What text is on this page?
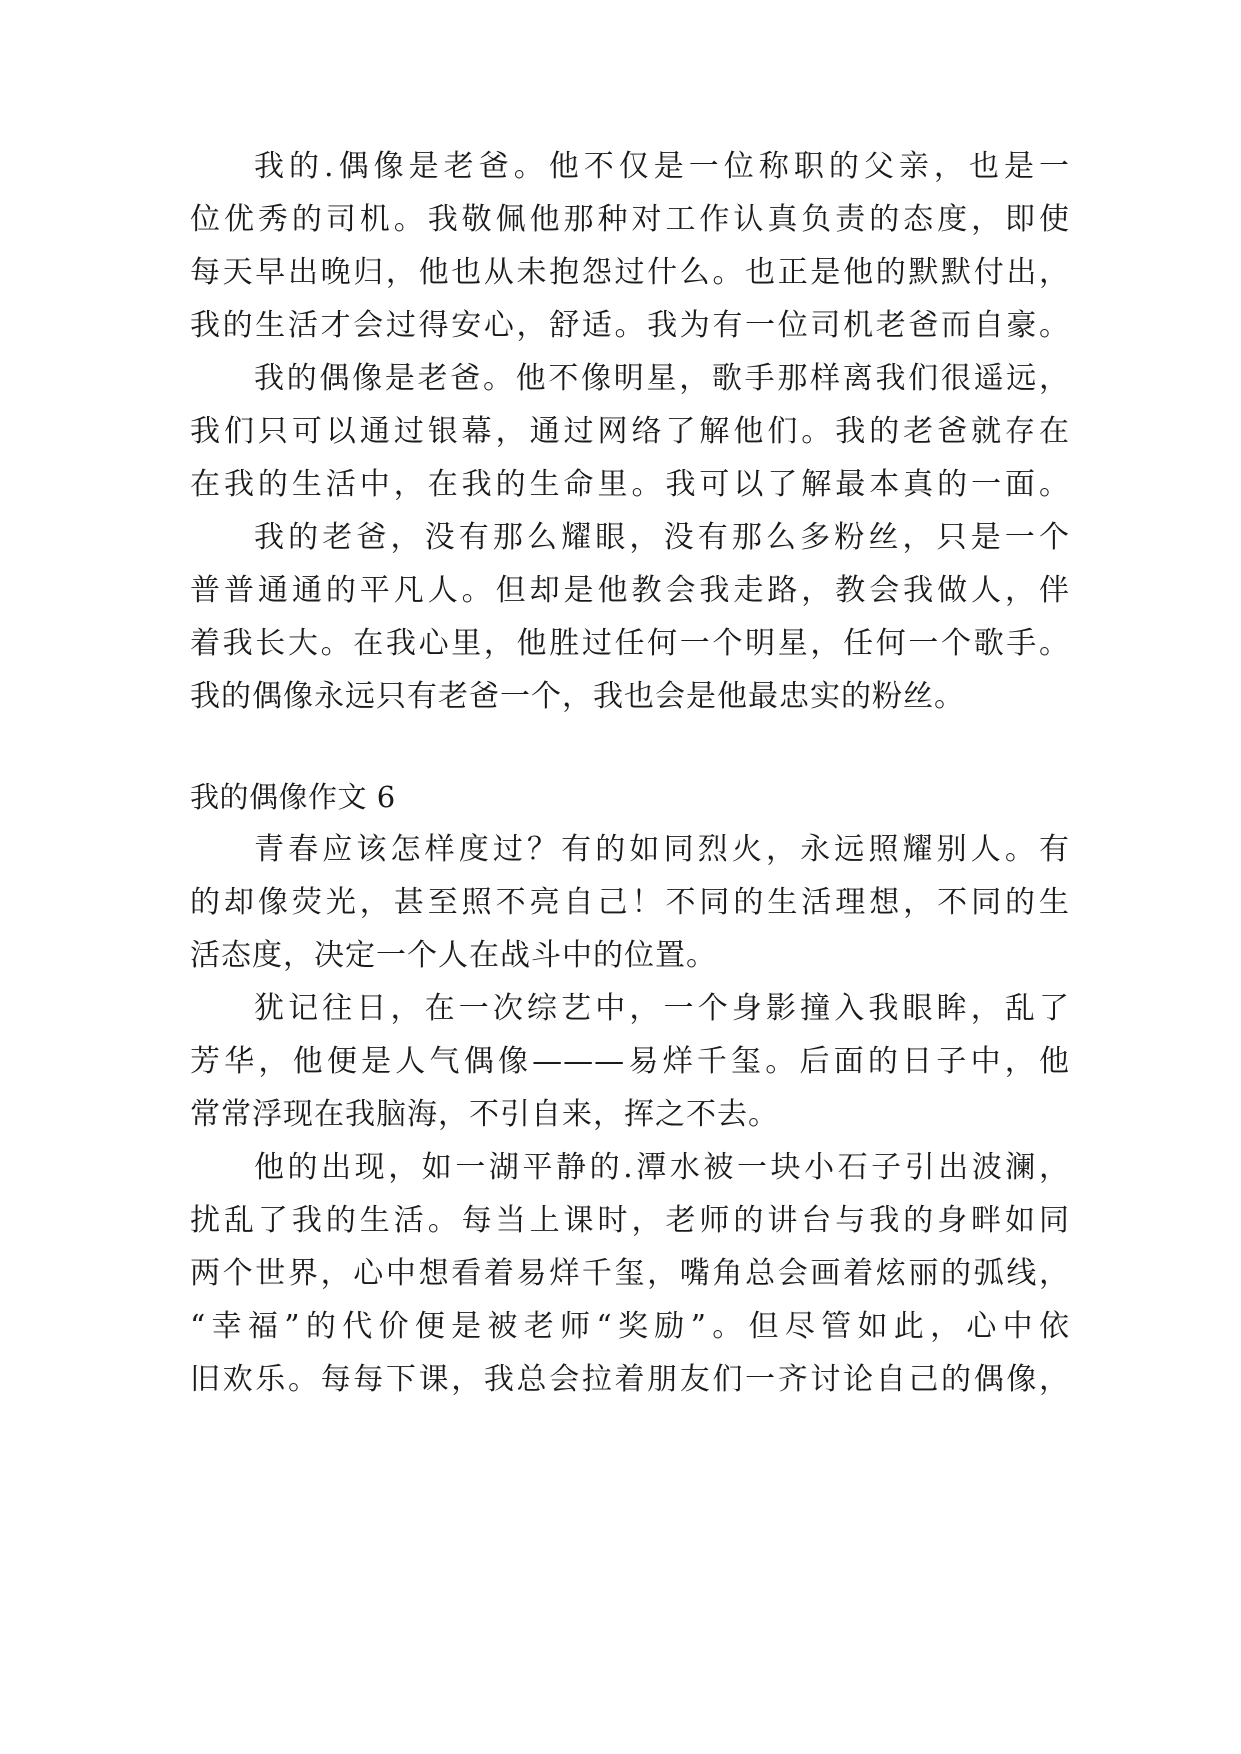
我的.偶像是老爸。他不仅是一位称职的父亲，也是一
位优秀的司机。我敬佩他那种对工作认真负责的态度，即使
每天早出晚归，他也从未抱怨过什么。也正是他的默默付出，
我的生活才会过得安心，舒适。我为有一位司机老爸而自豪。
我的偶像是老爸。他不像明星，歌手那样离我们很遥远，
我们只可以通过银幕，通过网络了解他们。我的老爸就存在
在我的生活中，在我的生命里。我可以了解最本真的一面。
我的老爸，没有那么耀眼，没有那么多粉丝，只是一个
普普通通的平凡人。但却是他教会我走路，教会我做人，伴
着我长大。在我心里，他胜过任何一个明星，任何一个歌手。
我的偶像永远只有老爸一个，我也会是他最忠实的粉丝。
我的偶像作文 6
青春应该怎样度过？有的如同烈火，永远照耀别人。有
的却像荧光，甚至照不亮自己！不同的生活理想，不同的生
活态度，决定一个人在战斗中的位置。
犹记往日，在一次综艺中，一个身影撞入我眼眸，乱了
芳华，他便是人气偶像———易烊千玺。后面的日子中，他
常常浮现在我脑海，不引自来，挥之不去。
他的出现，如一湖平静的.潭水被一块小石子引出波澜，
扰乱了我的生活。每当上课时，老师的讲台与我的身畔如同
两个世界，心中想看着易烊千玺，嘴角总会画着炫丽的弧线，
“幸福”的代价便是被老师“奖励”。但尽管如此，心中依
旧欢乐。每每下课，我总会拉着朋友们一齐讨论自己的偶像，
